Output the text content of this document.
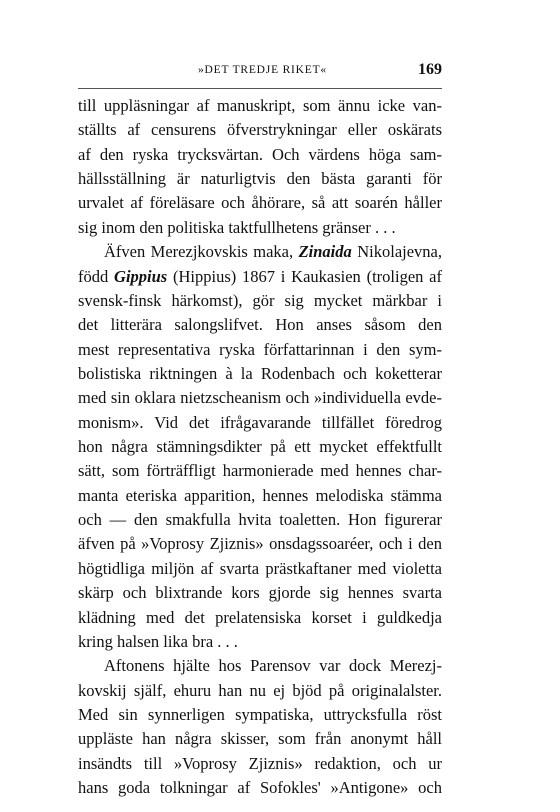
»DET TREDJE RIKET«	169
till uppläsningar af manuskript, som ännu icke van-
ställts af censurens öfverstrykningar eller oskärats
af den ryska trycksvärtan. Och värdens höga sam-
hällsställning är naturligtvis den bästa garanti för
urvalet af föreläsare och åhörare, så att soarén håller
sig inom den politiska taktfullhetens gränser . . .
Äfven Merezjkovskis maka, Zinaida Nikolajevna,
född Gippius (Hippius) 1867 i Kaukasien (troligen af
svensk-finsk härkomst), gör sig mycket märkbar i
det litterära salongslifvet. Hon anses såsom den
mest representativa ryska författarinnan i den sym-
bolistiska riktningen à la Rodenbach och koketterar
med sin oklara nietzscheanism och »individuella evde-
monism». Vid det ifrågavarande tillfället föredrog
hon några stämningsdikter på ett mycket effektfullt
sätt, som förträffligt harmonierade med hennes char-
manta eteriska apparition, hennes melodiska stämma
och — den smakfulla hvita toaletten. Hon figurerar
äfven på »Voprosy Zjiznis» onsdagssoaréer, och i den
högtidliga miljön af svarta prästkaftaner med violetta
skärp och blixtrande kors gjorde sig hennes svarta
klädning med det prelatensiska korset i guldkedja
kring halsen lika bra . . .
Aftonens hjälte hos Parensov var dock Merezj-
kovskij själf, ehuru han nu ej bjöd på originalalster.
Med sin synnerligen sympatiska, uttrycksfulla röst
uppläste han några skisser, som från anonymt håll
insändts till »Voprosy Zjiznis» redaktion, och ur
hans goda tolkningar af Sofokles' »Antigone» och
